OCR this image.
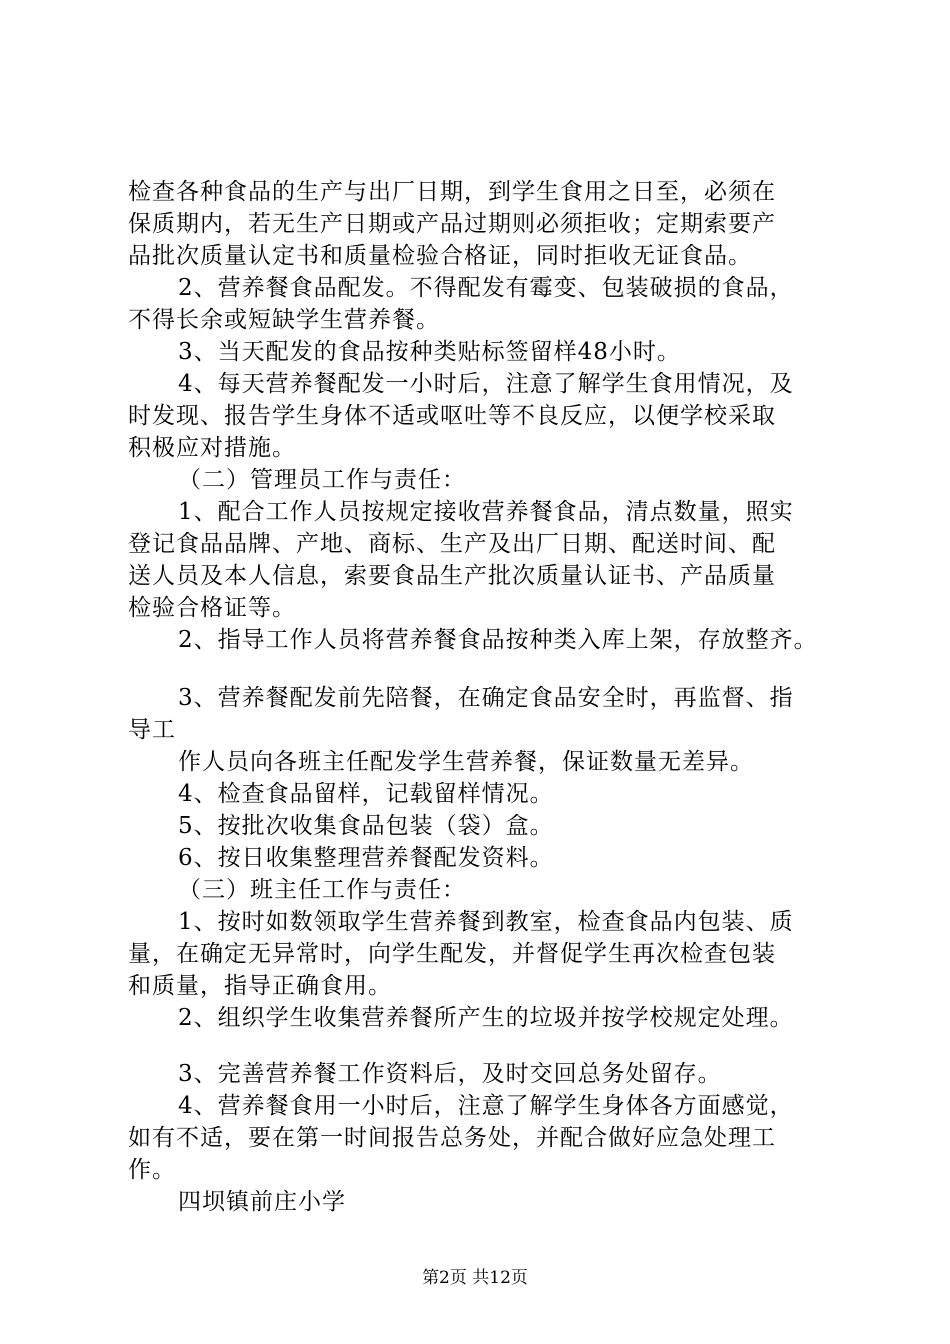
检查各种食品的生产与出厂日期，到学生食用之日至，必须在
保质期内，若无生产日期或产品过期则必须拒收；定期索要产
品批次质量认定书和质量检验合格证，同时拒收无证食品。
2、营养餐食品配发。不得配发有霉变、包装破损的食品，
不得长余或短缺学生营养餐。
3、当天配发的食品按种类贴标签留样48小时。
4、每天营养餐配发一小时后，注意了解学生食用情况，及
时发现、报告学生身体不适或呕吐等不良反应，以便学校采取
积极应对措施。
（二）管理员工作与责任：
1、配合工作人员按规定接收营养餐食品，清点数量，照实
登记食品品牌、产地、商标、生产及出厂日期、配送时间、配
送人员及本人信息，索要食品生产批次质量认证书、产品质量
检验合格证等。
2、指导工作人员将营养餐食品按种类入库上架，存放整齐。
3、营养餐配发前先陪餐，在确定食品安全时，再监督、指
导工
作人员向各班主任配发学生营养餐，保证数量无差异。
4、检查食品留样，记载留样情况。
5、按批次收集食品包装（袋）盒。
6、按日收集整理营养餐配发资料。
（三）班主任工作与责任：
1、按时如数领取学生营养餐到教室，检查食品内包装、质
量，在确定无异常时，向学生配发，并督促学生再次检查包装
和质量，指导正确食用。
2、组织学生收集营养餐所产生的垃圾并按学校规定处理。
3、完善营养餐工作资料后，及时交回总务处留存。
4、营养餐食用一小时后，注意了解学生身体各方面感觉，
如有不适，要在第一时间报告总务处，并配合做好应急处理工
作。
四坝镇前庄小学
第2页 共12页
